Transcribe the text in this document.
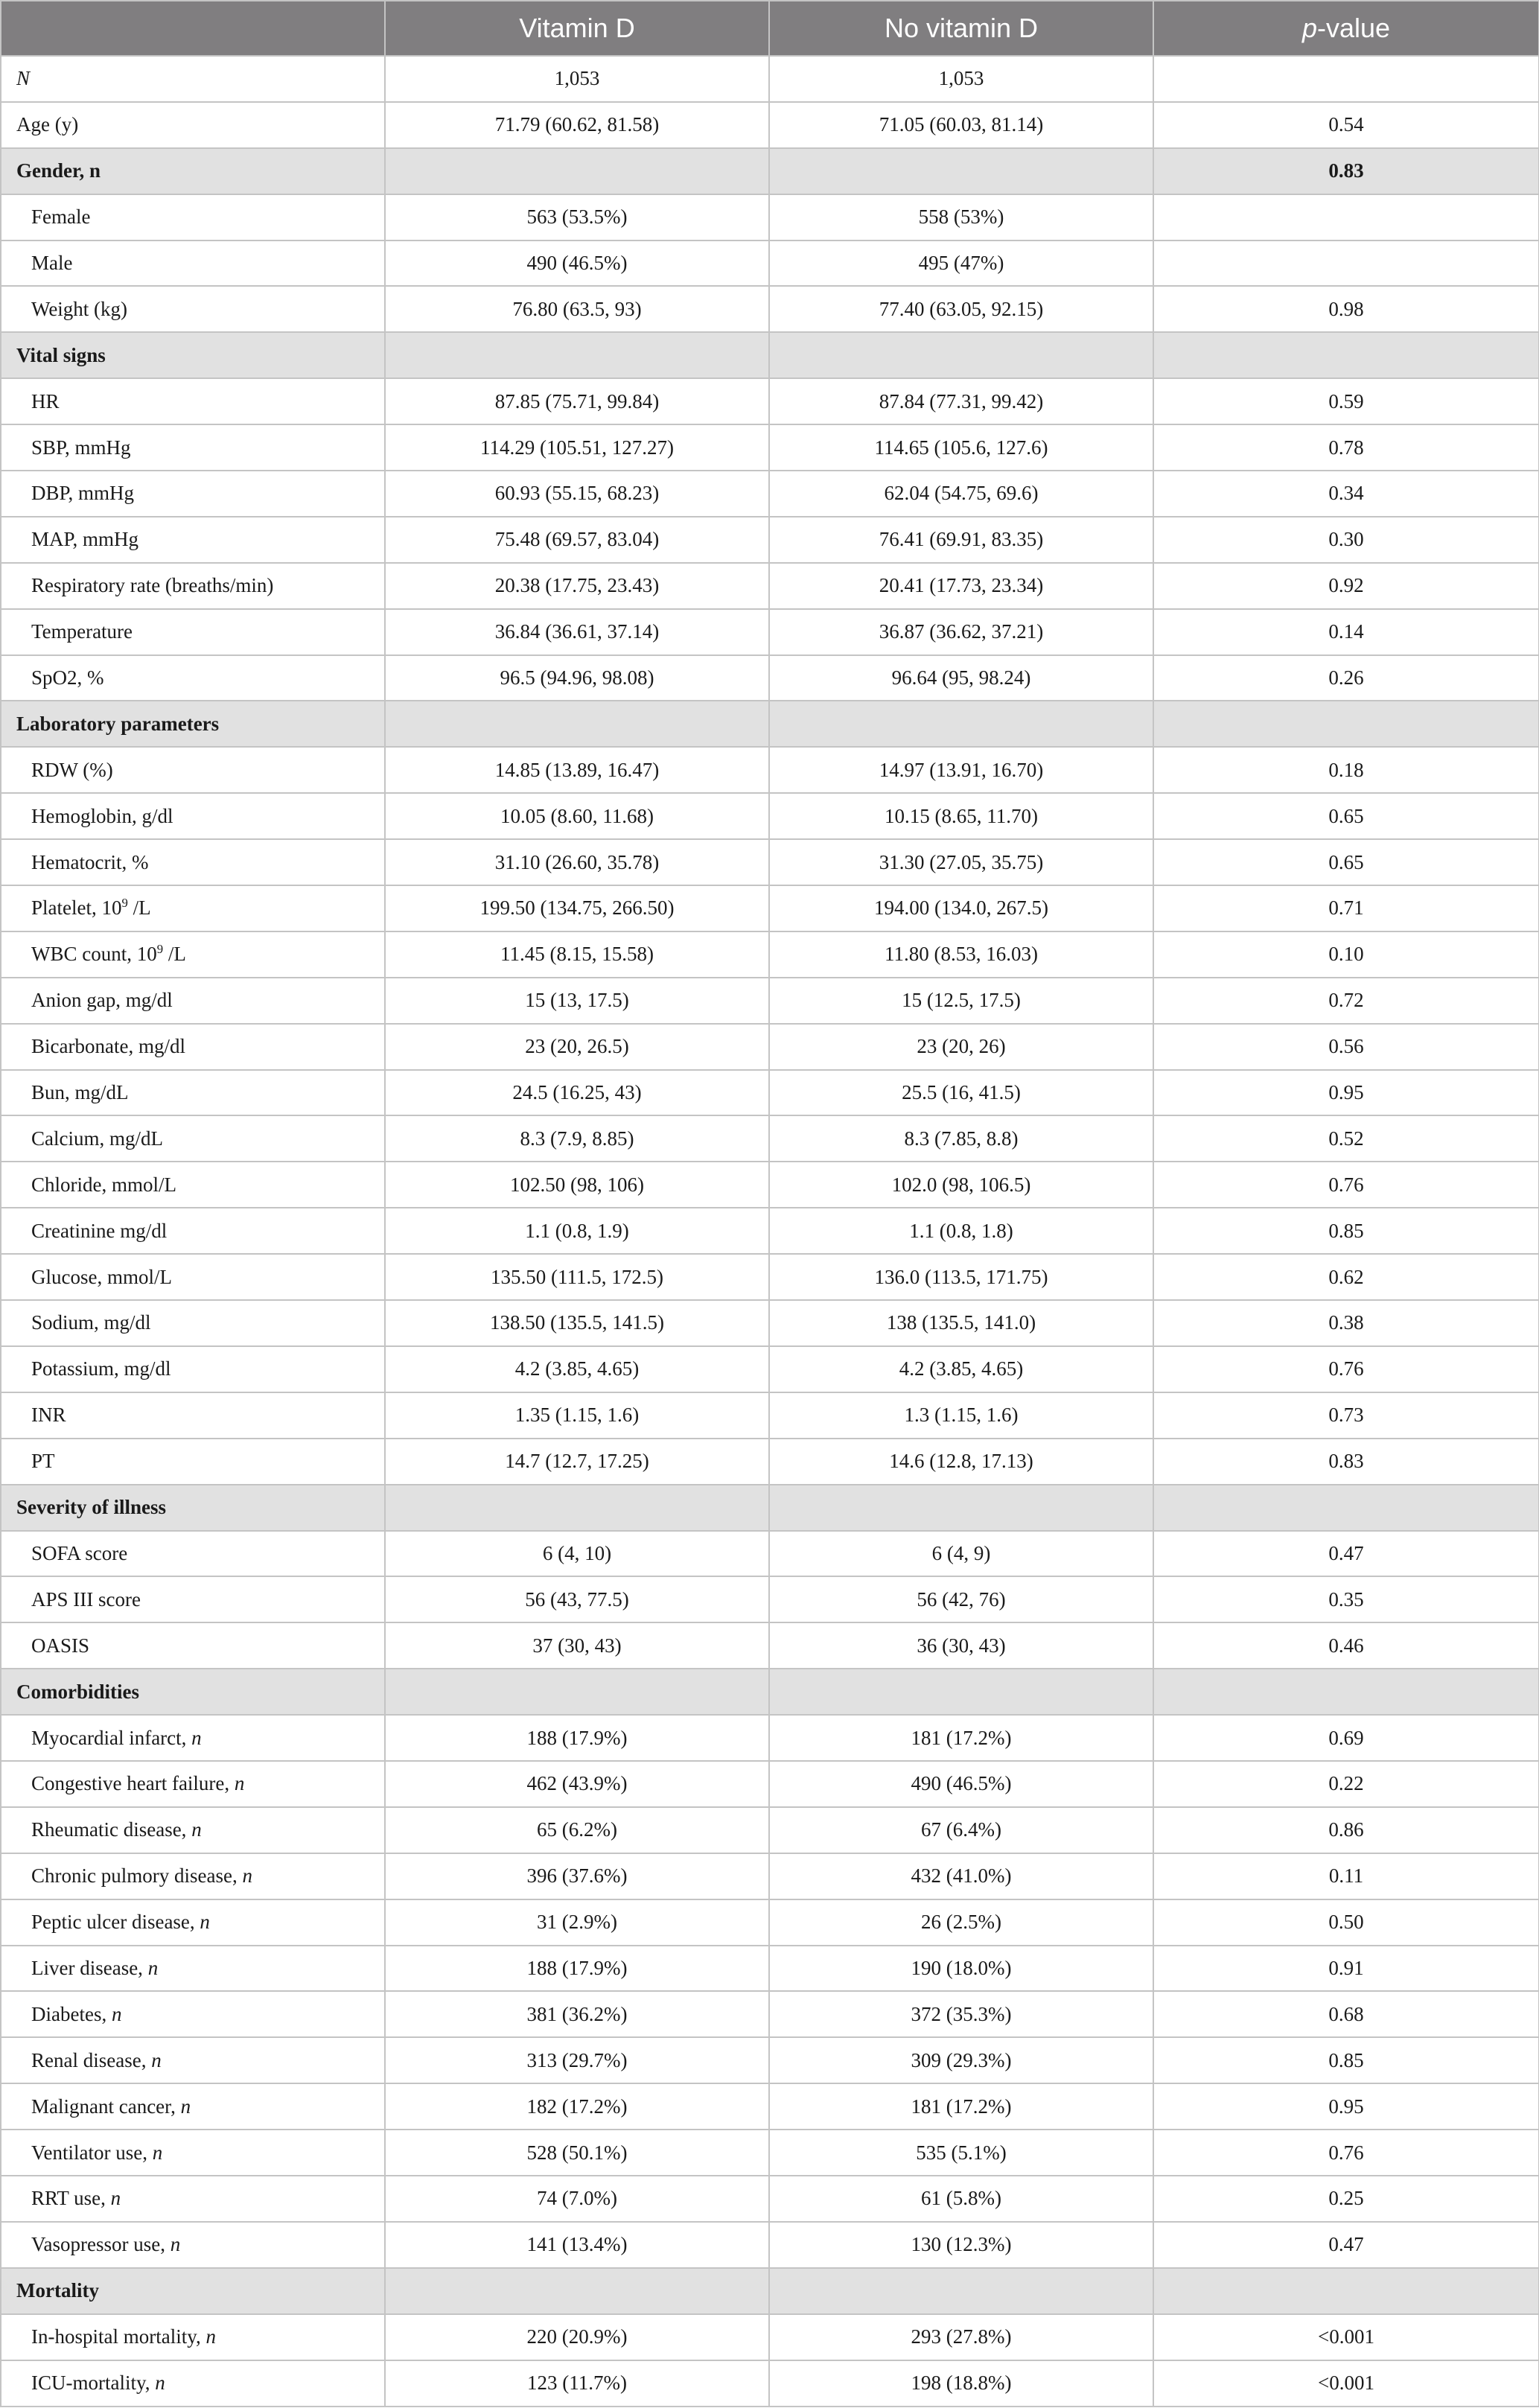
	Vitamin D	No vitamin D	p-value
N	1,053	1,053	
Age (y)	71.79 (60.62, 81.58)	71.05 (60.03, 81.14)	0.54
Gender, n			0.83
Female	563 (53.5%)	558 (53%)	
Male	490 (46.5%)	495 (47%)	
Weight (kg)	76.80 (63.5, 93)	77.40 (63.05, 92.15)	0.98
Vital signs			
HR	87.85 (75.71, 99.84)	87.84 (77.31, 99.42)	0.59
SBP, mmHg	114.29 (105.51, 127.27)	114.65 (105.6, 127.6)	0.78
DBP, mmHg	60.93 (55.15, 68.23)	62.04 (54.75, 69.6)	0.34
MAP, mmHg	75.48 (69.57, 83.04)	76.41 (69.91, 83.35)	0.30
Respiratory rate (breaths/min)	20.38 (17.75, 23.43)	20.41 (17.73, 23.34)	0.92
Temperature	36.84 (36.61, 37.14)	36.87 (36.62, 37.21)	0.14
SpO2, %	96.5 (94.96, 98.08)	96.64 (95, 98.24)	0.26
Laboratory parameters			
RDW (%)	14.85 (13.89, 16.47)	14.97 (13.91, 16.70)	0.18
Hemoglobin, g/dl	10.05 (8.60, 11.68)	10.15 (8.65, 11.70)	0.65
Hematocrit, %	31.10 (26.60, 35.78)	31.30 (27.05, 35.75)	0.65
Platelet, $10^9$ /L	199.50 (134.75, 266.50)	194.00 (134.0, 267.5)	0.71
WBC count, $10^9$ /L	11.45 (8.15, 15.58)	11.80 (8.53, 16.03)	0.10
Anion gap, mg/dl	15 (13, 17.5)	15 (12.5, 17.5)	0.72
Bicarbonate, mg/dl	23 (20, 26.5)	23 (20, 26)	0.56
Bun, mg/dL	24.5 (16.25, 43)	25.5 (16, 41.5)	0.95
Calcium, mg/dL	8.3 (7.9, 8.85)	8.3 (7.85, 8.8)	0.52
Chloride, mmol/L	102.50 (98, 106)	102.0 (98, 106.5)	0.76
Creatinine mg/dl	1.1 (0.8, 1.9)	1.1 (0.8, 1.8)	0.85
Glucose, mmol/L	135.50 (111.5, 172.5)	136.0 (113.5, 171.75)	0.62
Sodium, mg/dl	138.50 (135.5, 141.5)	138 (135.5, 141.0)	0.38
Potassium, mg/dl	4.2 (3.85, 4.65)	4.2 (3.85, 4.65)	0.76
INR	1.35 (1.15, 1.6)	1.3 (1.15, 1.6)	0.73
PT	14.7 (12.7, 17.25)	14.6 (12.8, 17.13)	0.83
Severity of illness			
SOFA score	6 (4, 10)	6 (4, 9)	0.47
APS III score	56 (43, 77.5)	56 (42, 76)	0.35
OASIS	37 (30, 43)	36 (30, 43)	0.46
Comorbidities			
Myocardial infarct, n	188 (17.9%)	181 (17.2%)	0.69
Congestive heart failure, n	462 (43.9%)	490 (46.5%)	0.22
Rheumatic disease, n	65 (6.2%)	67 (6.4%)	0.86
Chronic pulmory disease, n	396 (37.6%)	432 (41.0%)	0.11
Peptic ulcer disease, n	31 (2.9%)	26 (2.5%)	0.50
Liver disease, n	188 (17.9%)	190 (18.0%)	0.91
Diabetes, n	381 (36.2%)	372 (35.3%)	0.68
Renal disease, n	313 (29.7%)	309 (29.3%)	0.85
Malignant cancer, n	182 (17.2%)	181 (17.2%)	0.95
Ventilator use, n	528 (50.1%)	535 (5.1%)	0.76
RRT use, n	74 (7.0%)	61 (5.8%)	0.25
Vasopressor use, n	141 (13.4%)	130 (12.3%)	0.47
Mortality			
In-hospital mortality, n	220 (20.9%)	293 (27.8%)	<0.001
ICU-mortality, n	123 (11.7%)	198 (18.8%)	<0.001
